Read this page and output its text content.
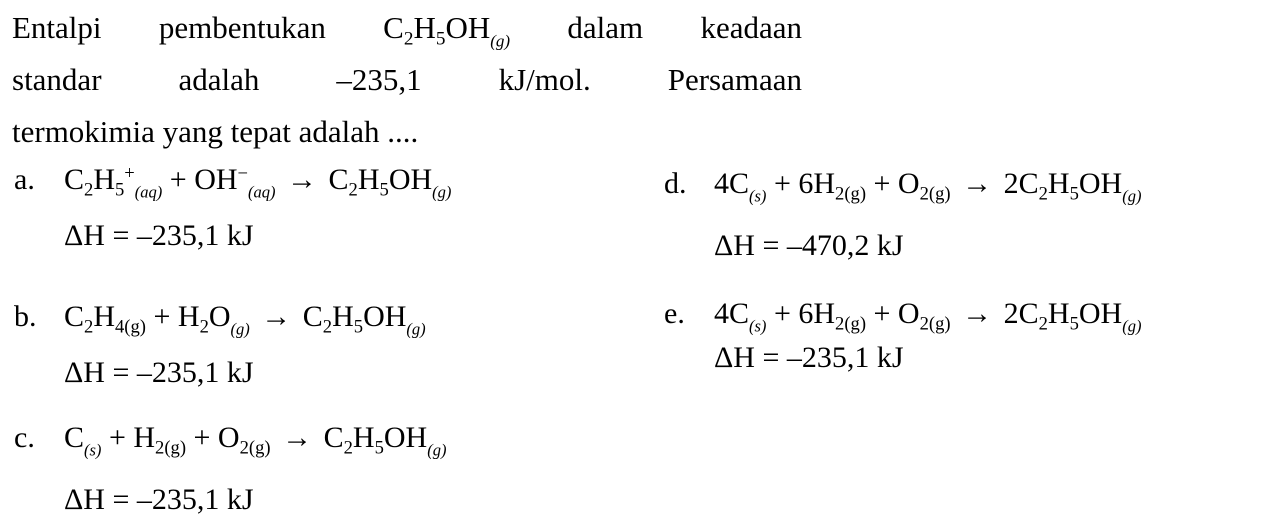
Entalpi pembentukan $C_2H_5OH_{(g)}$ dalam keadaan
standar adalah –235,1 kJ/mol. Persamaan
termokimia yang tepat adalah ....
a. $C_2H_5^+_{(aq)} + OH^-_{(aq)} \to C_2H_5OH_{(g)}$
ΔH = –235,1 kJ
b. $C_2H_{4(g)} + H_2O_{(g)} \to C_2H_5OH_{(g)}$
ΔH = –235,1 kJ
c. $C_{(s)} + H_{2(g)} + O_{2(g)} \to C_2H_5OH_{(g)}$
ΔH = –235,1 kJ
d. $4C_{(s)} + 6H_{2(g)} + O_{2(g)} \to 2C_2H_5OH_{(g)}$
ΔH = –470,2 kJ
e. $4C_{(s)} + 6H_{2(g)} + O_{2(g)} \to 2C_2H_5OH_{(g)}$
ΔH = –235,1 kJ
